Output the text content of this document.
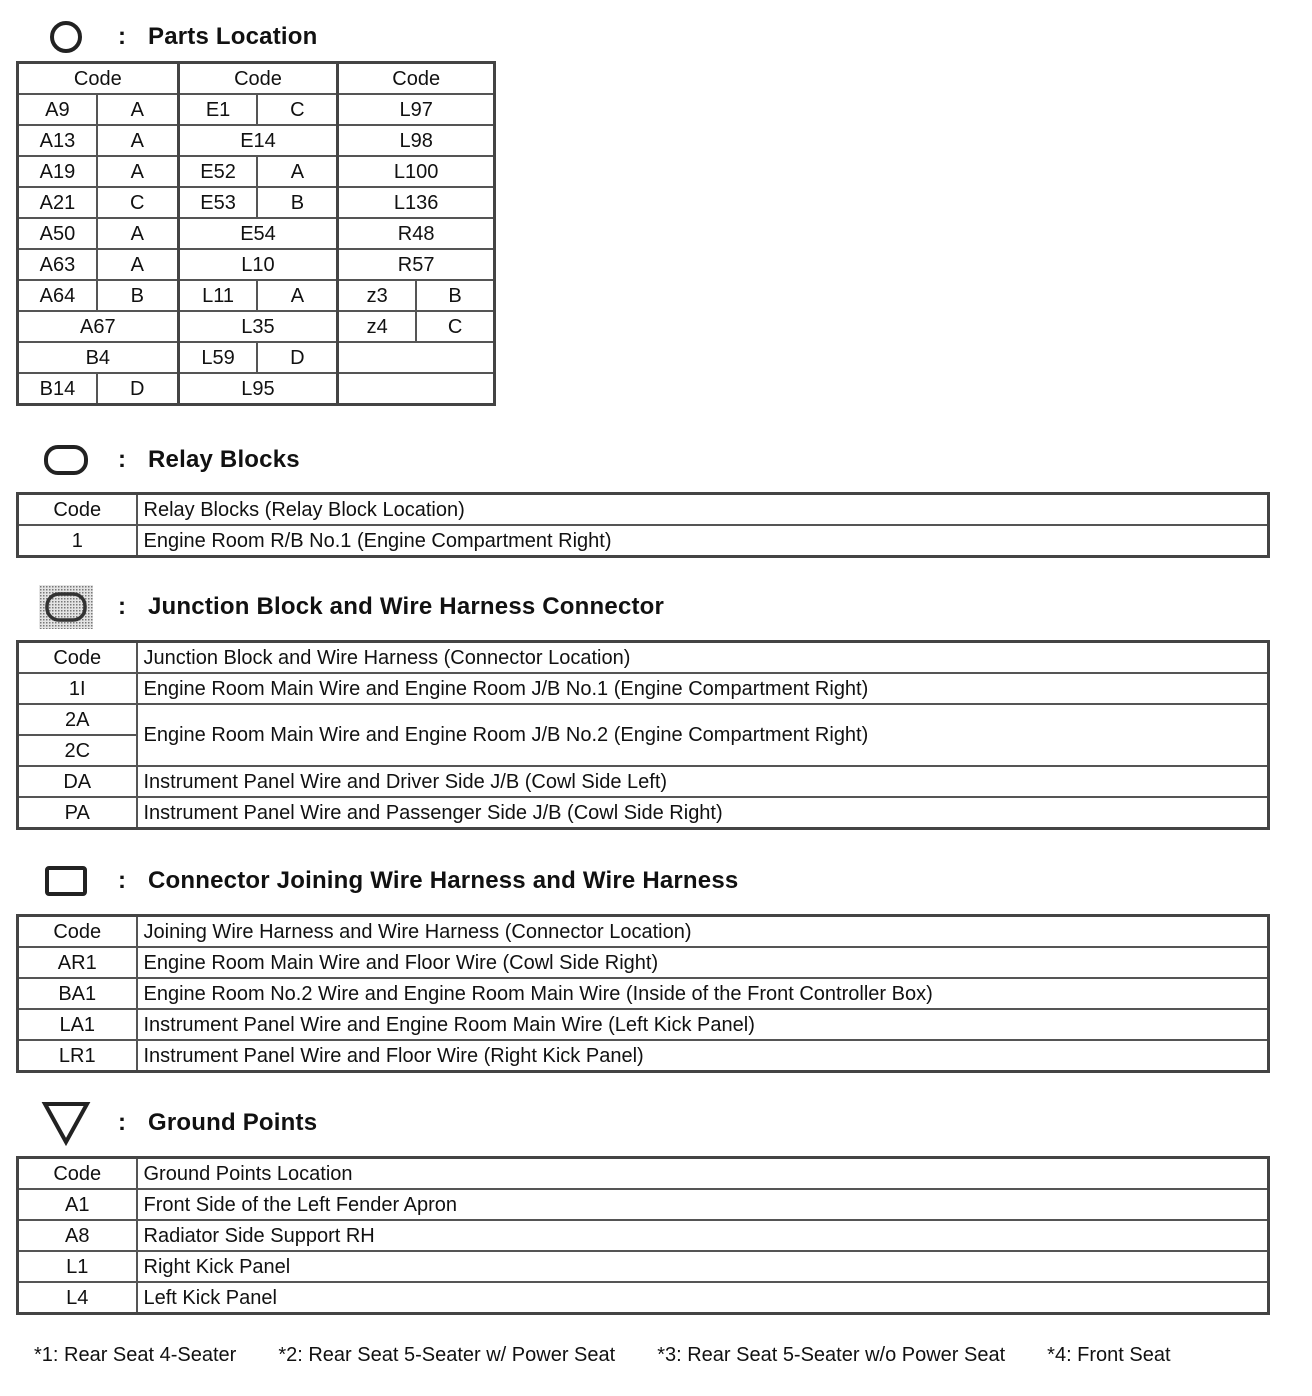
: Parts Location
Code		Code		Code	
A9	A	E1	C	L97	
A13	A	E14		L98	
A19	A	E52	A	L100	
A21	C	E53	B	L136	
A50	A	E54		R48	
A63	A	L10		R57	
A64	B	L11	A	z3	B
A67		L35		z4	C
B4		L59	D		
B14	D	L95			
: Relay Blocks
Code	Relay Blocks (Relay Block Location)
1	Engine Room R/B No.1 (Engine Compartment Right)
: Junction Block and Wire Harness Connector
Code	Junction Block and Wire Harness (Connector Location)
1I	Engine Room Main Wire and Engine Room J/B No.1 (Engine Compartment Right)
2A	Engine Room Main Wire and Engine Room J/B No.2 (Engine Compartment Right)
2C	
DA	Instrument Panel Wire and Driver Side J/B (Cowl Side Left)
PA	Instrument Panel Wire and Passenger Side J/B (Cowl Side Right)
: Connector Joining Wire Harness and Wire Harness
Code	Joining Wire Harness and Wire Harness (Connector Location)
AR1	Engine Room Main Wire and Floor Wire (Cowl Side Right)
BA1	Engine Room No.2 Wire and Engine Room Main Wire (Inside of the Front Controller Box)
LA1	Instrument Panel Wire and Engine Room Main Wire (Left Kick Panel)
LR1	Instrument Panel Wire and Floor Wire (Right Kick Panel)
: Ground Points
Code	Ground Points Location
A1	Front Side of the Left Fender Apron
A8	Radiator Side Support RH
L1	Right Kick Panel
L4	Left Kick Panel
*1: Rear Seat 4-Seater *2: Rear Seat 5-Seater w/ Power Seat *3: Rear Seat 5-Seater w/o Power Seat *4: Front Seat
